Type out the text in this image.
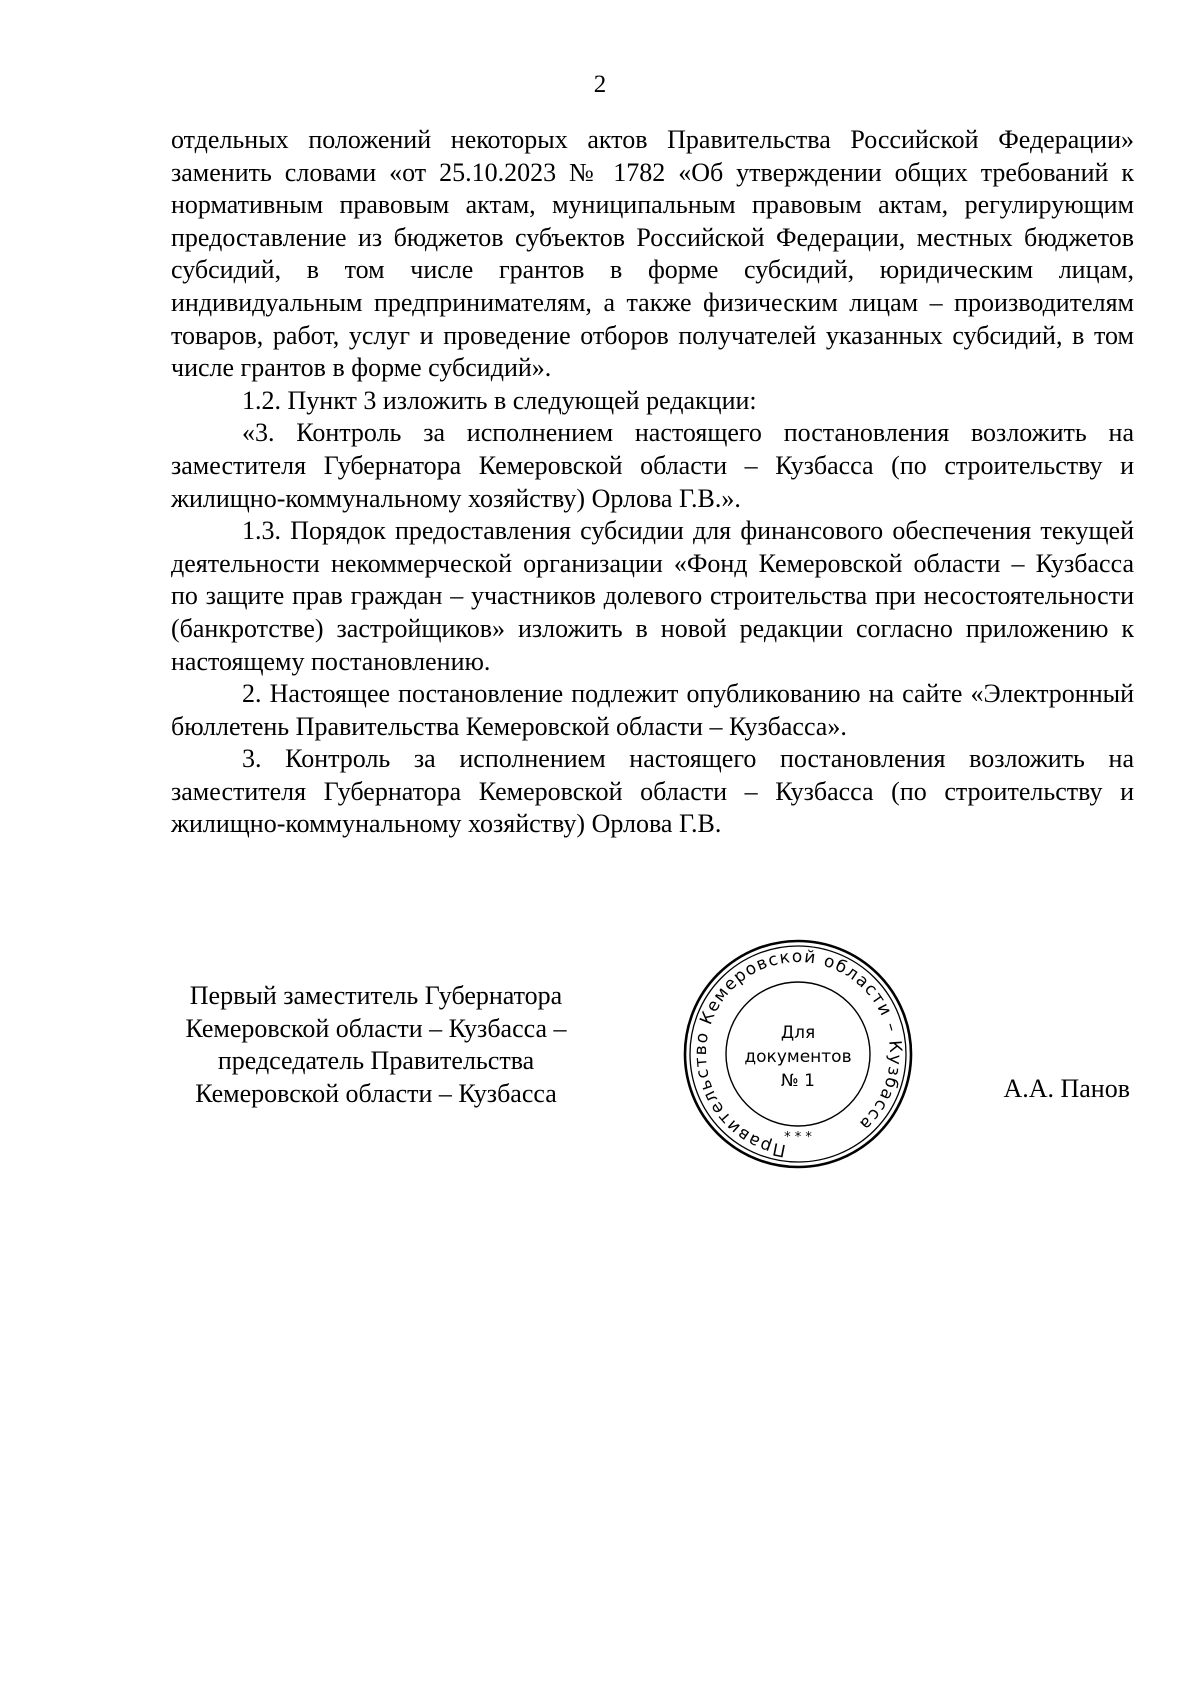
2

отдельных положений некоторых актов Правительства Российской Федерации» заменить словами «от 25.10.2023 № 1782 «Об утверждении общих требований к нормативным правовым актам, муниципальным правовым актам, регулирующим предоставление из бюджетов субъектов Российской Федерации, местных бюджетов субсидий, в том числе грантов в форме субсидий, юридическим лицам, индивидуальным предпринимателям, а также физическим лицам – производителям товаров, работ, услуг и проведение отборов получателей указанных субсидий, в том числе грантов в форме субсидий».

1.2. Пункт 3 изложить в следующей редакции:

«3. Контроль за исполнением настоящего постановления возложить на заместителя Губернатора Кемеровской области – Кузбасса (по строительству и жилищно-коммунальному хозяйству) Орлова Г.В.».

1.3. Порядок предоставления субсидии для финансового обеспечения текущей деятельности некоммерческой организации «Фонд Кемеровской области – Кузбасса по защите прав граждан – участников долевого строительства при несостоятельности (банкротстве) застройщиков» изложить в новой редакции согласно приложению к настоящему постановлению.

2. Настоящее постановление подлежит опубликованию на сайте «Электронный бюллетень Правительства Кемеровской области – Кузбасса».

3. Контроль за исполнением настоящего постановления возложить на заместителя Губернатора Кемеровской области – Кузбасса (по строительству и жилищно-коммунальному хозяйству) Орлова Г.В.

Первый заместитель Губернатора
Кемеровской области – Кузбасса –
председатель Правительства
Кемеровской области – Кузбасса	А.А. Панов
Правительство Кемеровской области – Кузбасса
* * *
Для
документов
№ 1
